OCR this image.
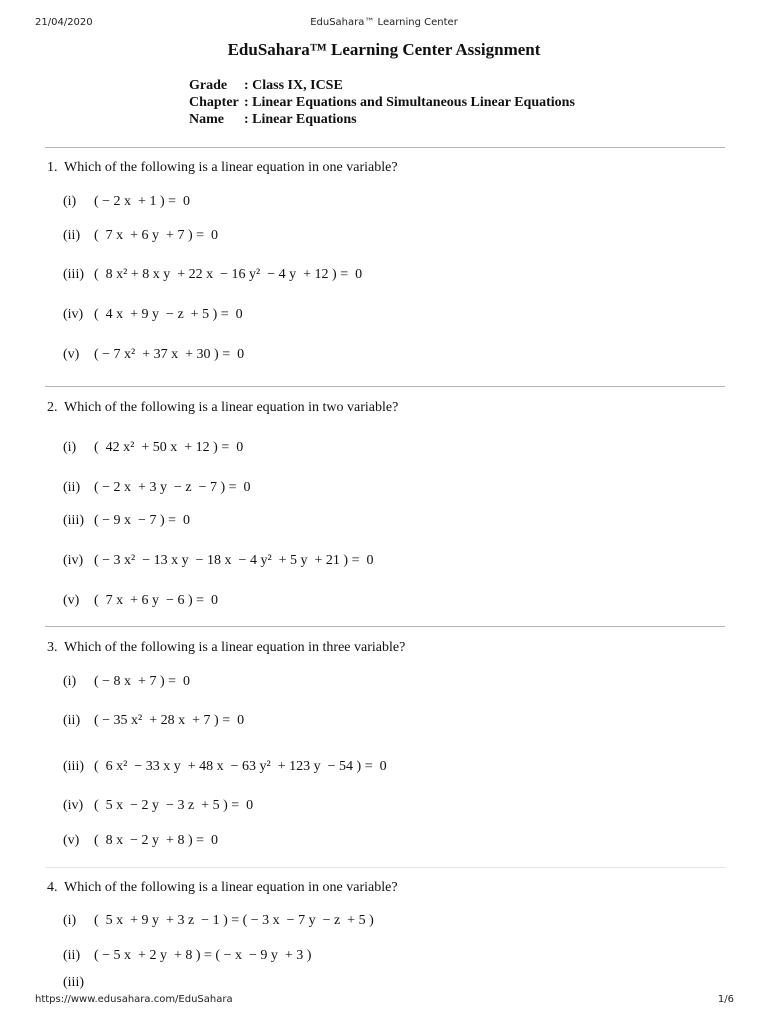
21/04/2020	EduSahara™ Learning Center
EduSahara™ Learning Center Assignment
Grade : Class IX, ICSE
Chapter : Linear Equations and Simultaneous Linear Equations
Name : Linear Equations
1. Which of the following is a linear equation in one variable?
(i) ( − 2 x  + 1 ) =  0
(ii) (  7 x  + 6 y  + 7 ) =  0
(iii) (  8 x² + 8 x y  + 22 x  − 16 y²  − 4 y  + 12 ) =  0
(iv) (  4 x  + 9 y  − z  + 5 ) =  0
(v) ( − 7 x²  + 37 x  + 30 ) =  0
2. Which of the following is a linear equation in two variable?
(i) (  42 x²  + 50 x  + 12 ) =  0
(ii) ( − 2 x  + 3 y  − z  − 7 ) =  0
(iii) ( − 9 x  − 7 ) =  0
(iv) ( − 3 x²  − 13 x y  − 18 x  − 4 y²  + 5 y  + 21 ) =  0
(v) (  7 x  + 6 y  − 6 ) =  0
3. Which of the following is a linear equation in three variable?
(i) ( − 8 x  + 7 ) =  0
(ii) ( − 35 x²  + 28 x  + 7 ) =  0
(iii) (  6 x²  − 33 x y  + 48 x  − 63 y²  + 123 y  − 54 ) =  0
(iv) (  5 x  − 2 y  − 3 z  + 5 ) =  0
(v) (  8 x  − 2 y  + 8 ) =  0
4. Which of the following is a linear equation in one variable?
(i) (  5 x  + 9 y  + 3 z  − 1 ) = ( − 3 x  − 7 y  − z  + 5 )
(ii) ( − 5 x  + 2 y  + 8 ) = ( − x  − 9 y  + 3 )
(iii)
https://www.edusahara.com/EduSahara	1/6
